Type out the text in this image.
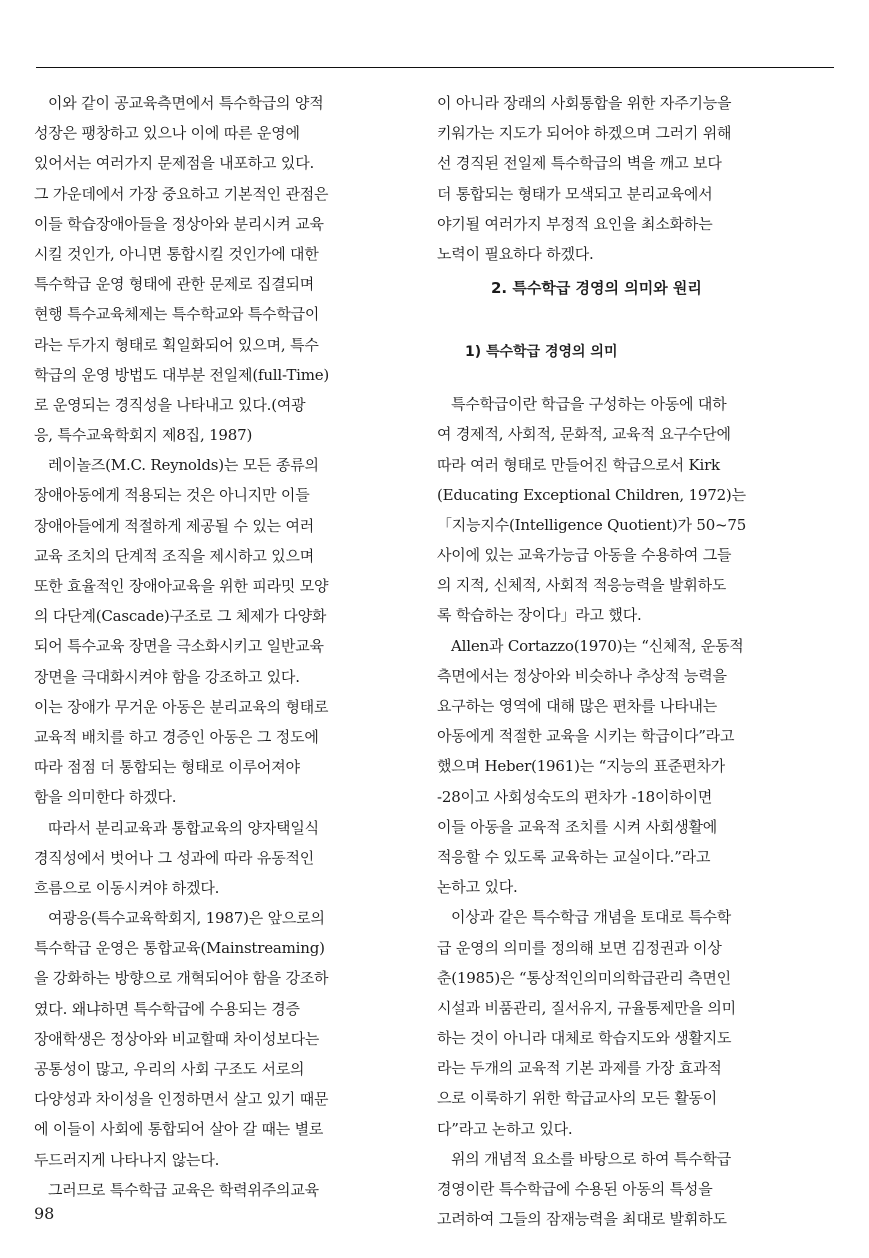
이와 같이 공교육측면에서 특수학급의 양적
성장은 팽창하고 있으나 이에 따른 운영에
있어서는 여러가지 문제점을 내포하고 있다.
그 가운데에서 가장 중요하고 기본적인 관점은
이들 학습장애아들을 정상아와 분리시켜 교육
시킬 것인가, 아니면 통합시킬 것인가에 대한
특수학급 운영 형태에 관한 문제로 집결되며
현행 특수교육체제는 특수학교와 특수학급이
라는 두가지 형태로 획일화되어 있으며, 특수
학급의 운영 방법도 대부분 전일제(full-Time)
로 운영되는 경직성을 나타내고 있다.(여광
응, 특수교육학회지 제8집, 1987)
레이놀즈(M.C. Reynolds)는 모든 종류의
장애아동에게 적용되는 것은 아니지만 이들
장애아들에게 적절하게 제공될 수 있는 여러
교육 조치의 단계적 조직을 제시하고 있으며
또한 효율적인 장애아교육을 위한 피라밋 모양
의 다단계(Cascade)구조로 그 체제가 다양화
되어 특수교육 장면을 극소화시키고 일반교육
장면을 극대화시켜야 함을 강조하고 있다.
이는 장애가 무거운 아동은 분리교육의 형태로
교육적 배치를 하고 경증인 아동은 그 정도에
따라 점점 더 통합되는 형태로 이루어져야
함을 의미한다 하겠다.
따라서 분리교육과 통합교육의 양자택일식
경직성에서 벗어나 그 성과에 따라 유동적인
흐름으로 이동시켜야 하겠다.
여광응(특수교육학회지, 1987)은 앞으로의
특수학급 운영은 통합교육(Mainstreaming)
을 강화하는 방향으로 개혁되어야 함을 강조하
였다. 왜냐하면 특수학급에 수용되는 경증
장애학생은 정상아와 비교할때 차이성보다는
공통성이 많고, 우리의 사회 구조도 서로의
다양성과 차이성을 인정하면서 살고 있기 때문
에 이들이 사회에 통합되어 살아 갈 때는 별로
두드러지게 나타나지 않는다.
그러므로 특수학급 교육은 학력위주의교육
이 아니라 장래의 사회통합을 위한 자주기능을
키워가는 지도가 되어야 하겠으며 그러기 위해
선 경직된 전일제 특수학급의 벽을 깨고 보다
더 통합되는 형태가 모색되고 분리교육에서
야기될 여러가지 부정적 요인을 최소화하는
노력이 필요하다 하겠다.
2. 특수학급 경영의 의미와 원리
1) 특수학급 경영의 의미
특수학급이란 학급을 구성하는 아동에 대하
여 경제적, 사회적, 문화적, 교육적 요구수단에
따라 여러 형태로 만들어진 학급으로서 Kirk
(Educating Exceptional Children, 1972)는
「지능지수(Intelligence Quotient)가 50~75
사이에 있는 교육가능급 아동을 수용하여 그들
의 지적, 신체적, 사회적 적응능력을 발휘하도
록 학습하는 장이다」라고 했다.
Allen과 Cortazzo(1970)는 “신체적, 운동적
측면에서는 정상아와 비슷하나 추상적 능력을
요구하는 영역에 대해 많은 편차를 나타내는
아동에게 적절한 교육을 시키는 학급이다”라고
했으며 Heber(1961)는 “지능의 표준편차가
-28이고 사회성숙도의 편차가 -18이하이면
이들 아동을 교육적 조치를 시켜 사회생활에
적응할 수 있도록 교육하는 교실이다.”라고
논하고 있다.
이상과 같은 특수학급 개념을 토대로 특수학
급 운영의 의미를 정의해 보면 김정권과 이상
춘(1985)은 “통상적인의미의학급관리 측면인
시설과 비품관리, 질서유지, 규율통제만을 의미
하는 것이 아니라 대체로 학습지도와 생활지도
라는 두개의 교육적 기본 과제를 가장 효과적
으로 이룩하기 위한 학급교사의 모든 활동이
다”라고 논하고 있다.
위의 개념적 요소를 바탕으로 하여 특수학급
경영이란 특수학급에 수용된 아동의 특성을
고려하여 그들의 잠재능력을 최대로 발휘하도
98
